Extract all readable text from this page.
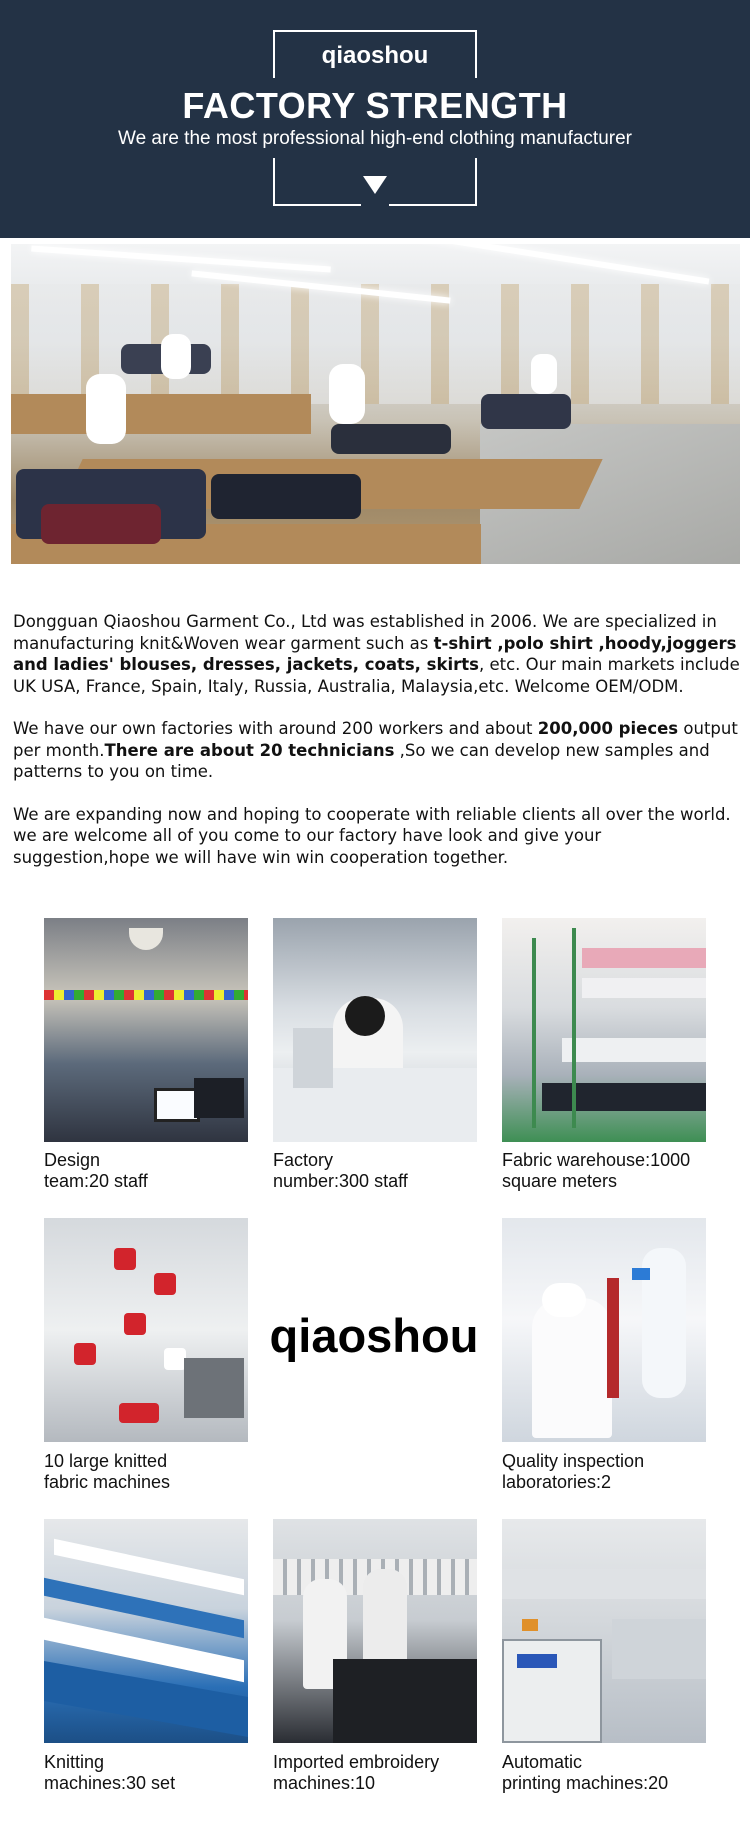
qiaoshou
FACTORY STRENGTH
We are the most professional high-end clothing manufacturer

Dongguan Qiaoshou Garment Co., Ltd was established in 2006. We are specialized in manufacturing knit&Woven wear garment such as t-shirt ,polo shirt ,hoody,joggers and ladies' blouses, dresses, jackets, coats, skirts, etc. Our main markets include UK USA, France, Spain, Italy, Russia, Australia, Malaysia,etc. Welcome OEM/ODM.

We have our own factories with around 200 workers and about 200,000 pieces output per month.There are about 20 technicians ,So we can develop new samples and patterns to you on time.

We are expanding now and hoping to cooperate with reliable clients all over the world. we are welcome all of you come to our factory have look and give your suggestion,hope we will have win win cooperation together.

Design
team:20 staff
Factory
number:300 staff
Fabric warehouse:1000
square meters
10 large knitted
fabric machines
qiaoshou
Quality inspection
laboratories:2
Knitting
machines:30 set
Imported embroidery
machines:10
Automatic
printing machines:20
